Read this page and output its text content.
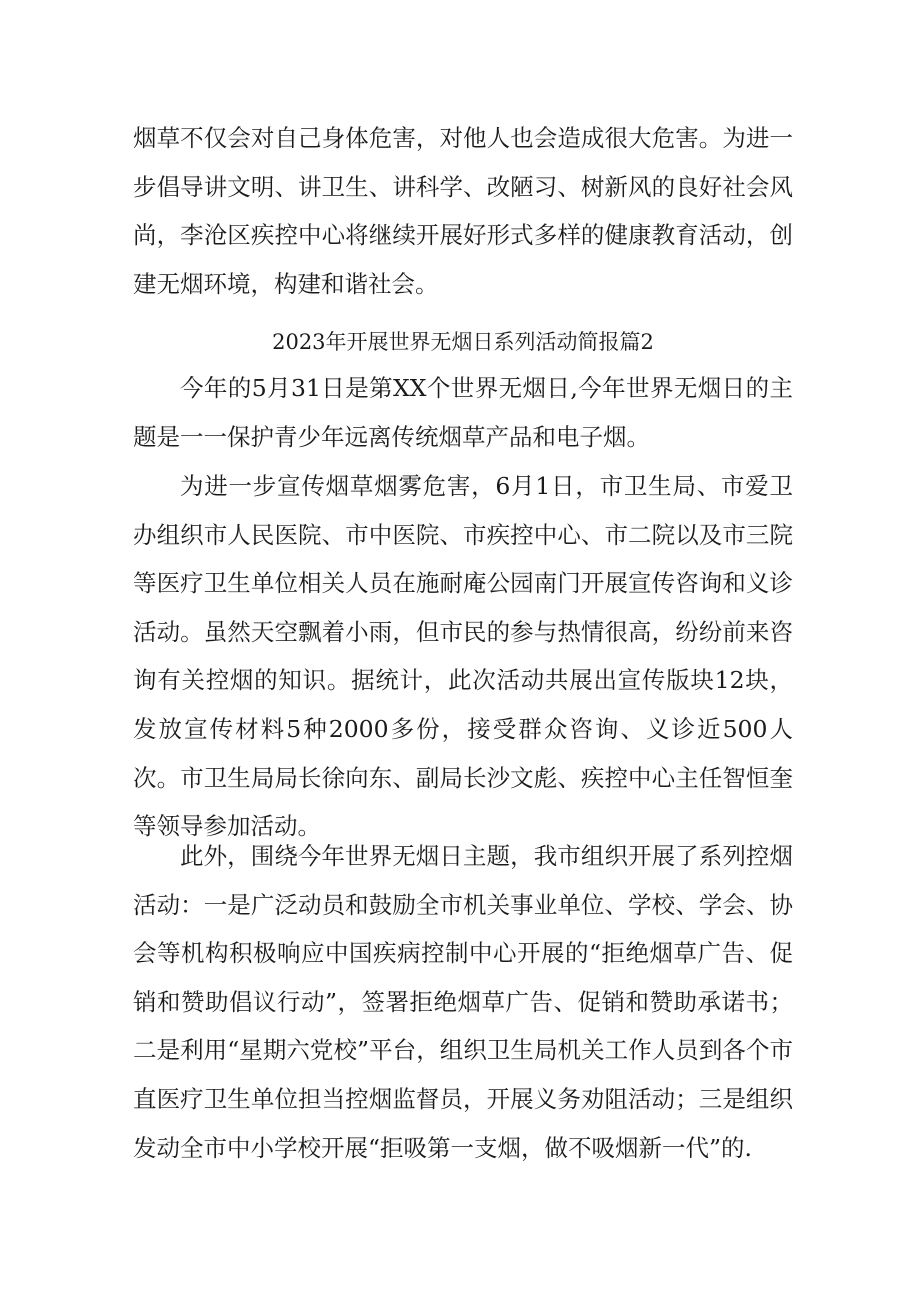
烟草不仅会对自己身体危害，对他人也会造成很大危害。为进一步倡导讲文明、讲卫生、讲科学、改陋习、树新风的良好社会风尚，李沧区疾控中心将继续开展好形式多样的健康教育活动，创建无烟环境，构建和谐社会。

2023年开展世界无烟日系列活动简报篇2

今年的5月31日是第XX个世界无烟日,今年世界无烟日的主题是一一保护青少年远离传统烟草产品和电子烟。

为进一步宣传烟草烟雾危害，6月1日，市卫生局、市爱卫办组织市人民医院、市中医院、市疾控中心、市二院以及市三院等医疗卫生单位相关人员在施耐庵公园南门开展宣传咨询和义诊活动。虽然天空飘着小雨，但市民的参与热情很高，纷纷前来咨询有关控烟的知识。据统计，此次活动共展出宣传版块12块，发放宣传材料5种2000多份，接受群众咨询、义诊近500人次。市卫生局局长徐向东、副局长沙文彪、疾控中心主任智恒奎等领导参加活动。

此外，围绕今年世界无烟日主题，我市组织开展了系列控烟活动：一是广泛动员和鼓励全市机关事业单位、学校、学会、协会等机构积极响应中国疾病控制中心开展的“拒绝烟草广告、促销和赞助倡议行动”，签署拒绝烟草广告、促销和赞助承诺书；二是利用“星期六党校”平台，组织卫生局机关工作人员到各个市直医疗卫生单位担当控烟监督员，开展义务劝阻活动；三是组织发动全市中小学校开展“拒吸第一支烟，做不吸烟新一代”的.
